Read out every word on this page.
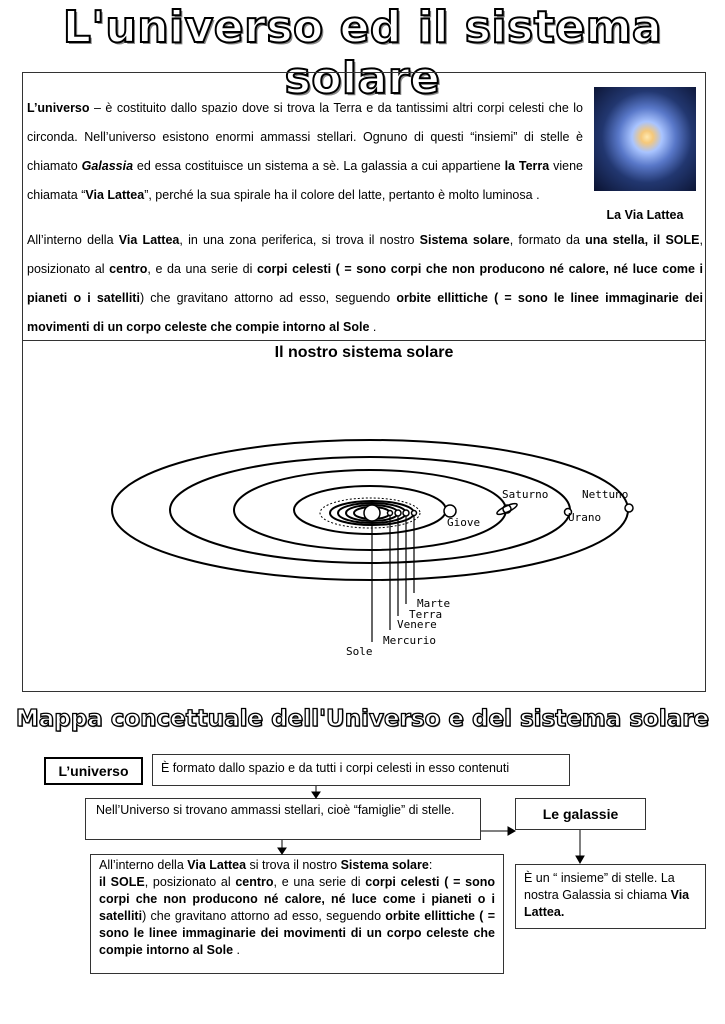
L'universo ed il sistema solare
L’universo – è costituito dallo spazio dove si trova la Terra e da tantissimi altri corpi celesti che lo circonda. Nell’universo esistono enormi ammassi stellari. Ognuno di questi “insiemi” di stelle è chiamato Galassia ed essa costituisce un sistema a sè. La galassia a cui appartiene la Terra viene chiamata “Via Lattea”, perché la sua spirale ha il colore del latte, pertanto è molto luminosa .
La Via Lattea
All’interno della Via Lattea, in una zona periferica, si trova il nostro Sistema solare, formato da una stella, il SOLE, posizionato al centro, e da una serie di corpi celesti ( = sono corpi che non producono né calore, né luce come i pianeti o i satelliti) che gravitano attorno ad esso, seguendo orbite ellittiche ( = sono le linee immaginarie dei movimenti di un corpo celeste che compie intorno al Sole .
Il nostro sistema solare
Saturno	Nettuno
Urano
Giove
Marte
Terra
Venere
Mercurio
Sole
Mappa concettuale dell'Universo e del sistema solare
L’universo	È formato dallo spazio e da tutti i corpi celesti in esso contenuti
Nell’Universo si trovano ammassi stellari, cioè “famiglie” di stelle.	Le galassie
All’interno della Via Lattea si trova il nostro Sistema solare:
il SOLE, posizionato al centro, e una serie di corpi celesti ( = sono corpi che non producono né calore, né luce come i pianeti o i satelliti) che gravitano attorno ad esso, seguendo orbite ellittiche ( = sono le linee immaginarie dei movimenti di un corpo celeste che compie intorno al Sole .
È un “ insieme” di stelle. La nostra Galassia si chiama Via Lattea.
